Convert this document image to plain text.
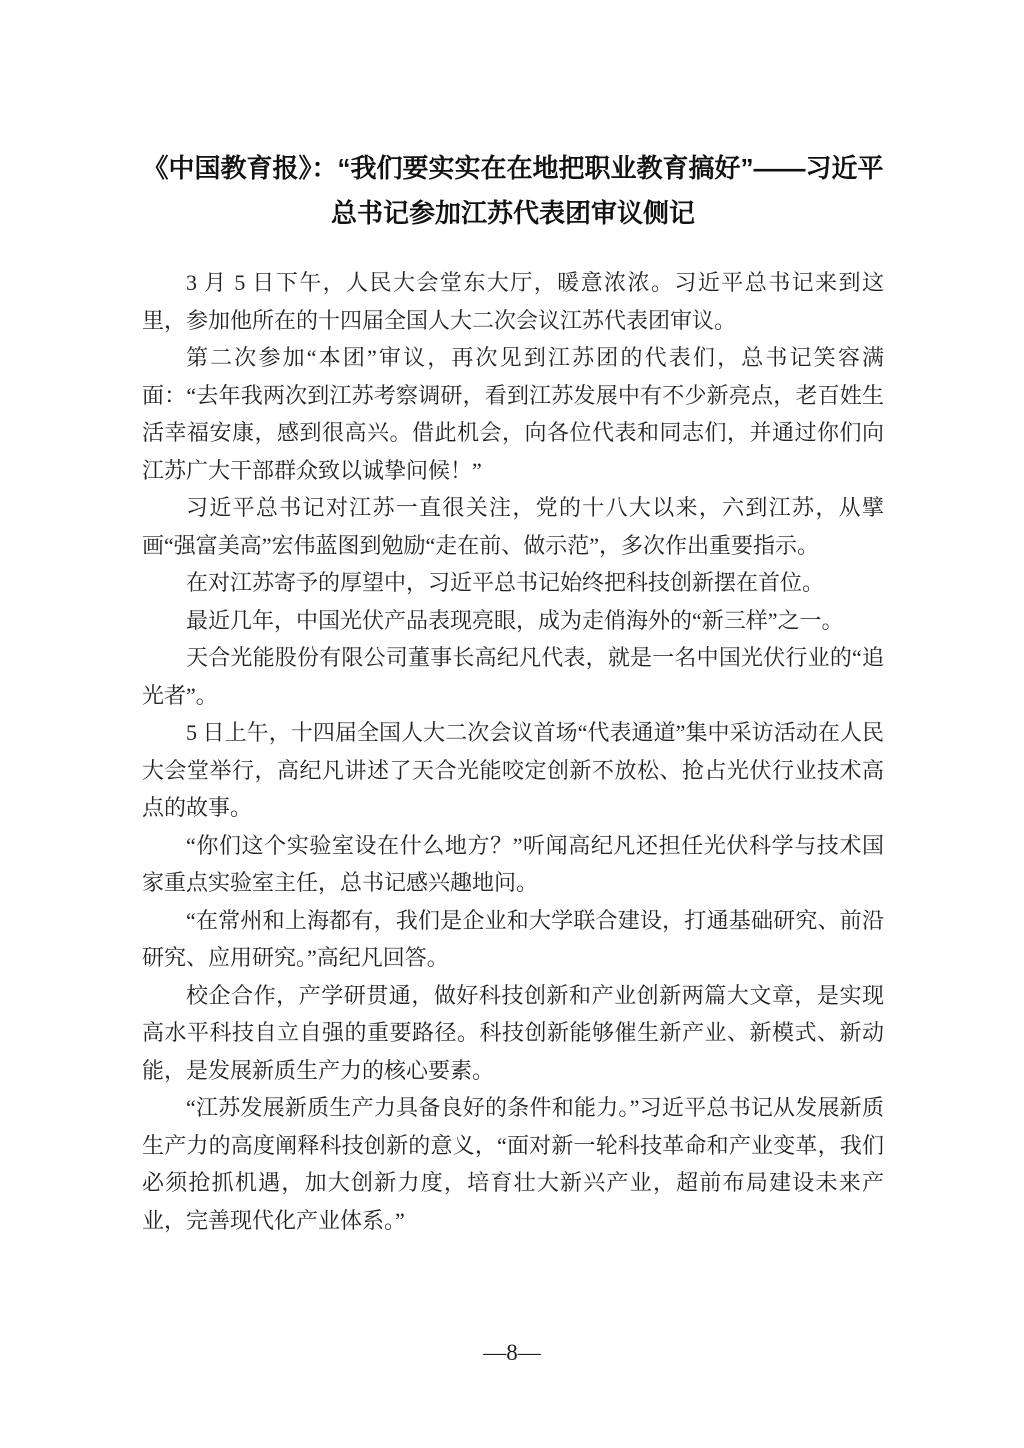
《中国教育报》：“我们要实实在在地把职业教育搞好”——习近平
总书记参加江苏代表团审议侧记

3 月 5 日下午，人民大会堂东大厅，暖意浓浓。习近平总书记来到这里，参加他所在的十四届全国人大二次会议江苏代表团审议。

第二次参加“本团”审议，再次见到江苏团的代表们，总书记笑容满面：“去年我两次到江苏考察调研，看到江苏发展中有不少新亮点，老百姓生活幸福安康，感到很高兴。借此机会，向各位代表和同志们，并通过你们向江苏广大干部群众致以诚挚问候！”

习近平总书记对江苏一直很关注，党的十八大以来，六到江苏，从擘画“强富美高”宏伟蓝图到勉励“走在前、做示范”，多次作出重要指示。

在对江苏寄予的厚望中，习近平总书记始终把科技创新摆在首位。

最近几年，中国光伏产品表现亮眼，成为走俏海外的“新三样”之一。

天合光能股份有限公司董事长高纪凡代表，就是一名中国光伏行业的“追光者”。

5 日上午，十四届全国人大二次会议首场“代表通道”集中采访活动在人民大会堂举行，高纪凡讲述了天合光能咬定创新不放松、抢占光伏行业技术高点的故事。

“你们这个实验室设在什么地方？”听闻高纪凡还担任光伏科学与技术国家重点实验室主任，总书记感兴趣地问。

“在常州和上海都有，我们是企业和大学联合建设，打通基础研究、前沿研究、应用研究。”高纪凡回答。

校企合作，产学研贯通，做好科技创新和产业创新两篇大文章，是实现高水平科技自立自强的重要路径。科技创新能够催生新产业、新模式、新动能，是发展新质生产力的核心要素。

“江苏发展新质生产力具备良好的条件和能力。”习近平总书记从发展新质生产力的高度阐释科技创新的意义，“面对新一轮科技革命和产业变革，我们必须抢抓机遇，加大创新力度，培育壮大新兴产业，超前布局建设未来产业，完善现代化产业体系。”

—8—
